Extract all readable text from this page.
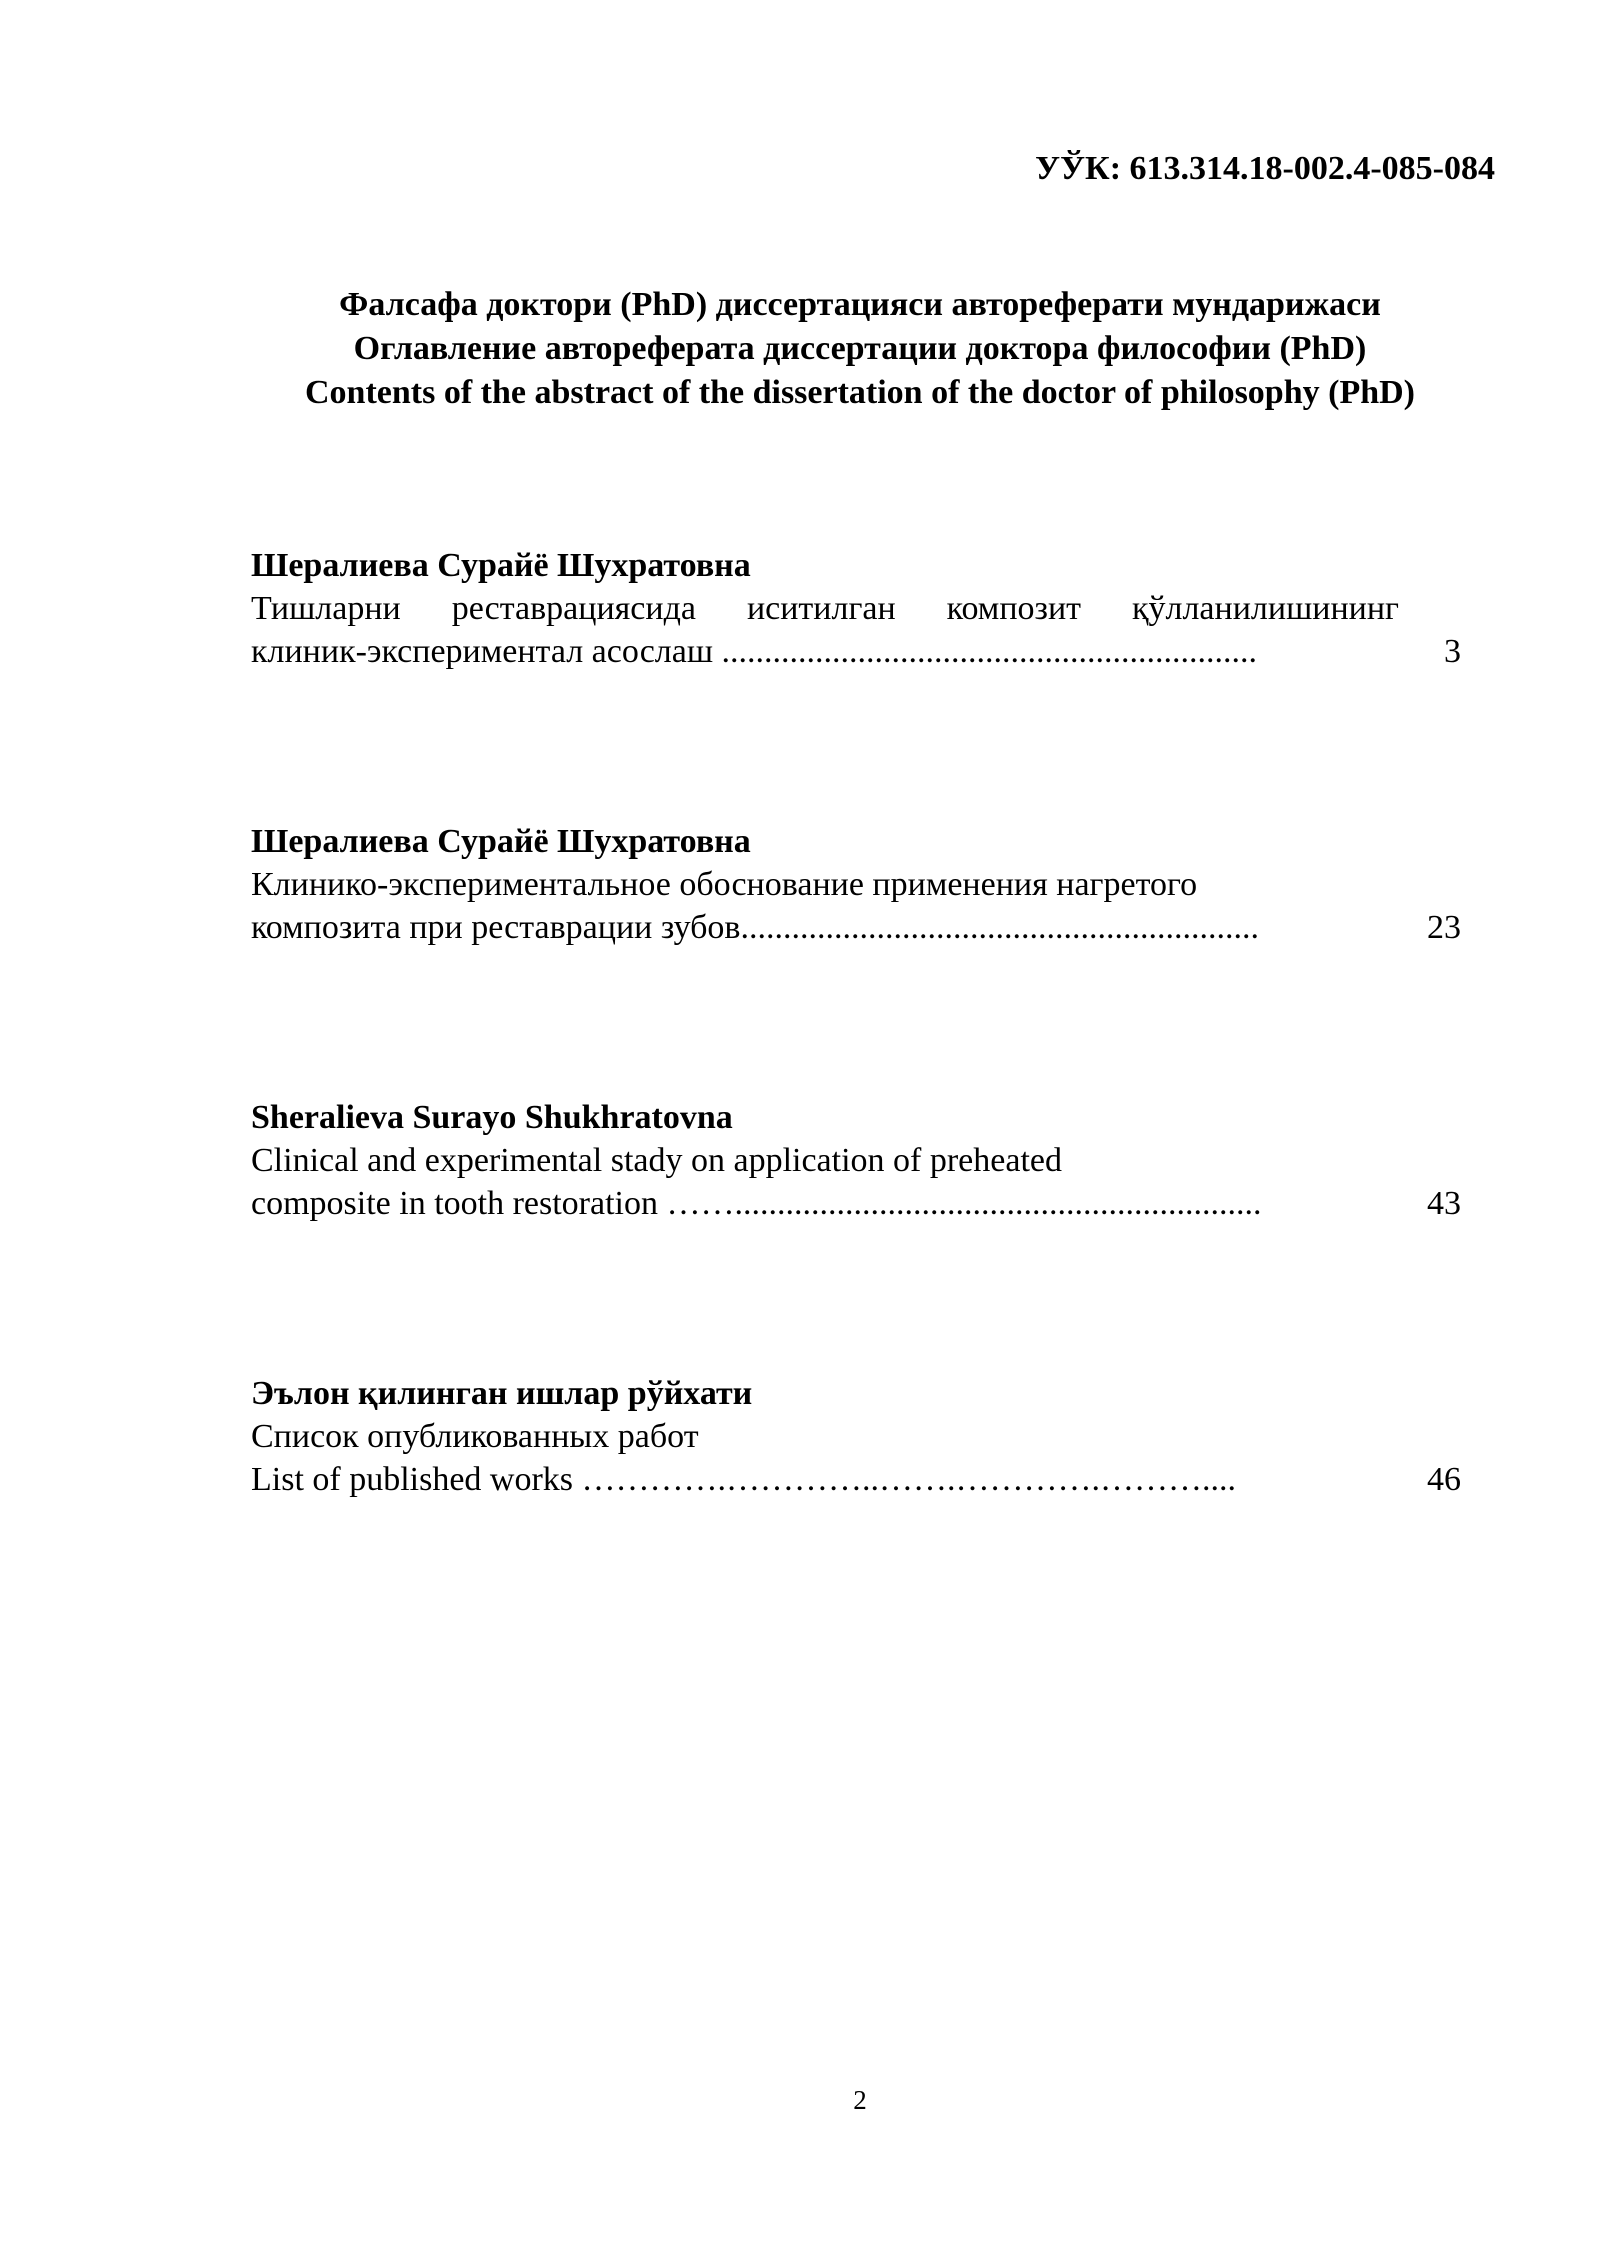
УЎК: 613.314.18-002.4-085-084
Фалсафа доктори (PhD) диссертацияси автореферати мундарижаси
Оглавление автореферата диссертации доктора философии (PhD)
Contents of the abstract of the dissertation of the doctor of philosophy (PhD)
Шералиева Сурайё Шухратовна
Тишларни реставрациясида иситилган композит қўлланилишининг
клиник-экспериментал асослаш ...............................................................	3
Шералиева Сурайё Шухратовна
Клинико-экспериментальное обоснование применения нагретого
композита при реставрации зубов.............................................................	23
Sheralieva Surayo Shukhratovna
Clinical and experimental stady on application of preheated
composite in tooth restoration ……..............................................................	43
Эълон қилинган ишлар рўйхати
Список опубликованных работ
List of published works ………….…………..…….………….………....	46
2
